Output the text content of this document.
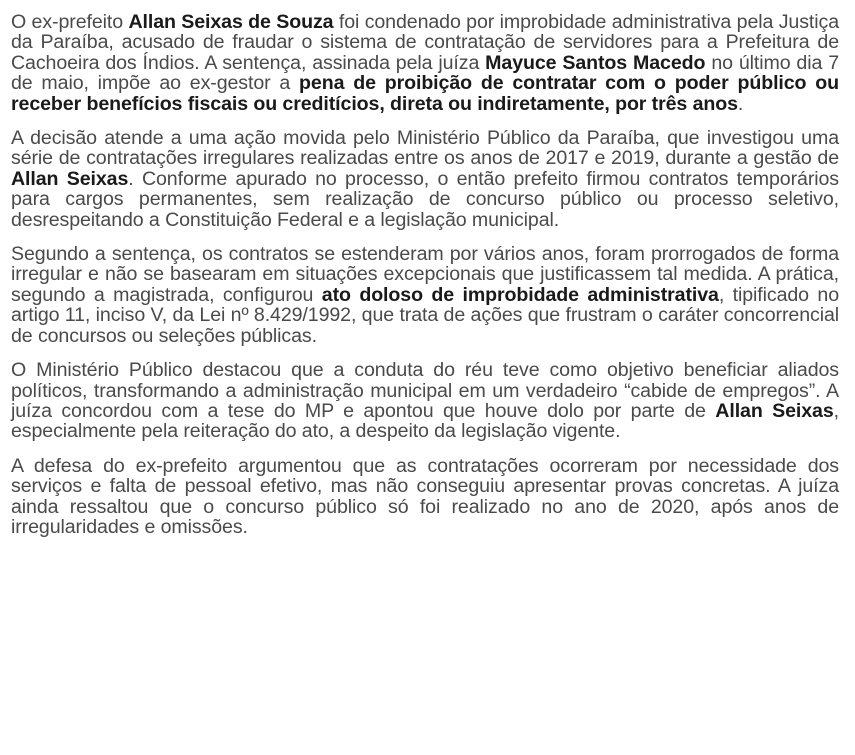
O ex-prefeito Allan Seixas de Souza foi condenado por improbidade administrativa pela Justiça da Paraíba, acusado de fraudar o sistema de contratação de servidores para a Prefeitura de Cachoeira dos Índios. A sentença, assinada pela juíza Mayuce Santos Macedo no último dia 7 de maio, impõe ao ex-gestor a pena de proibição de contratar com o poder público ou receber benefícios fiscais ou creditícios, direta ou indiretamente, por três anos.

A decisão atende a uma ação movida pelo Ministério Público da Paraíba, que investigou uma série de contratações irregulares realizadas entre os anos de 2017 e 2019, durante a gestão de Allan Seixas. Conforme apurado no processo, o então prefeito firmou contratos temporários para cargos permanentes, sem realização de concurso público ou processo seletivo, desrespeitando a Constituição Federal e a legislação municipal.

Segundo a sentença, os contratos se estenderam por vários anos, foram prorrogados de forma irregular e não se basearam em situações excepcionais que justificassem tal medida. A prática, segundo a magistrada, configurou ato doloso de improbidade administrativa, tipificado no artigo 11, inciso V, da Lei nº 8.429/1992, que trata de ações que frustram o caráter concorrencial de concursos ou seleções públicas.

O Ministério Público destacou que a conduta do réu teve como objetivo beneficiar aliados políticos, transformando a administração municipal em um verdadeiro “cabide de empregos”. A juíza concordou com a tese do MP e apontou que houve dolo por parte de Allan Seixas, especialmente pela reiteração do ato, a despeito da legislação vigente.

A defesa do ex-prefeito argumentou que as contratações ocorreram por necessidade dos serviços e falta de pessoal efetivo, mas não conseguiu apresentar provas concretas. A juíza ainda ressaltou que o concurso público só foi realizado no ano de 2020, após anos de irregularidades e omissões.
